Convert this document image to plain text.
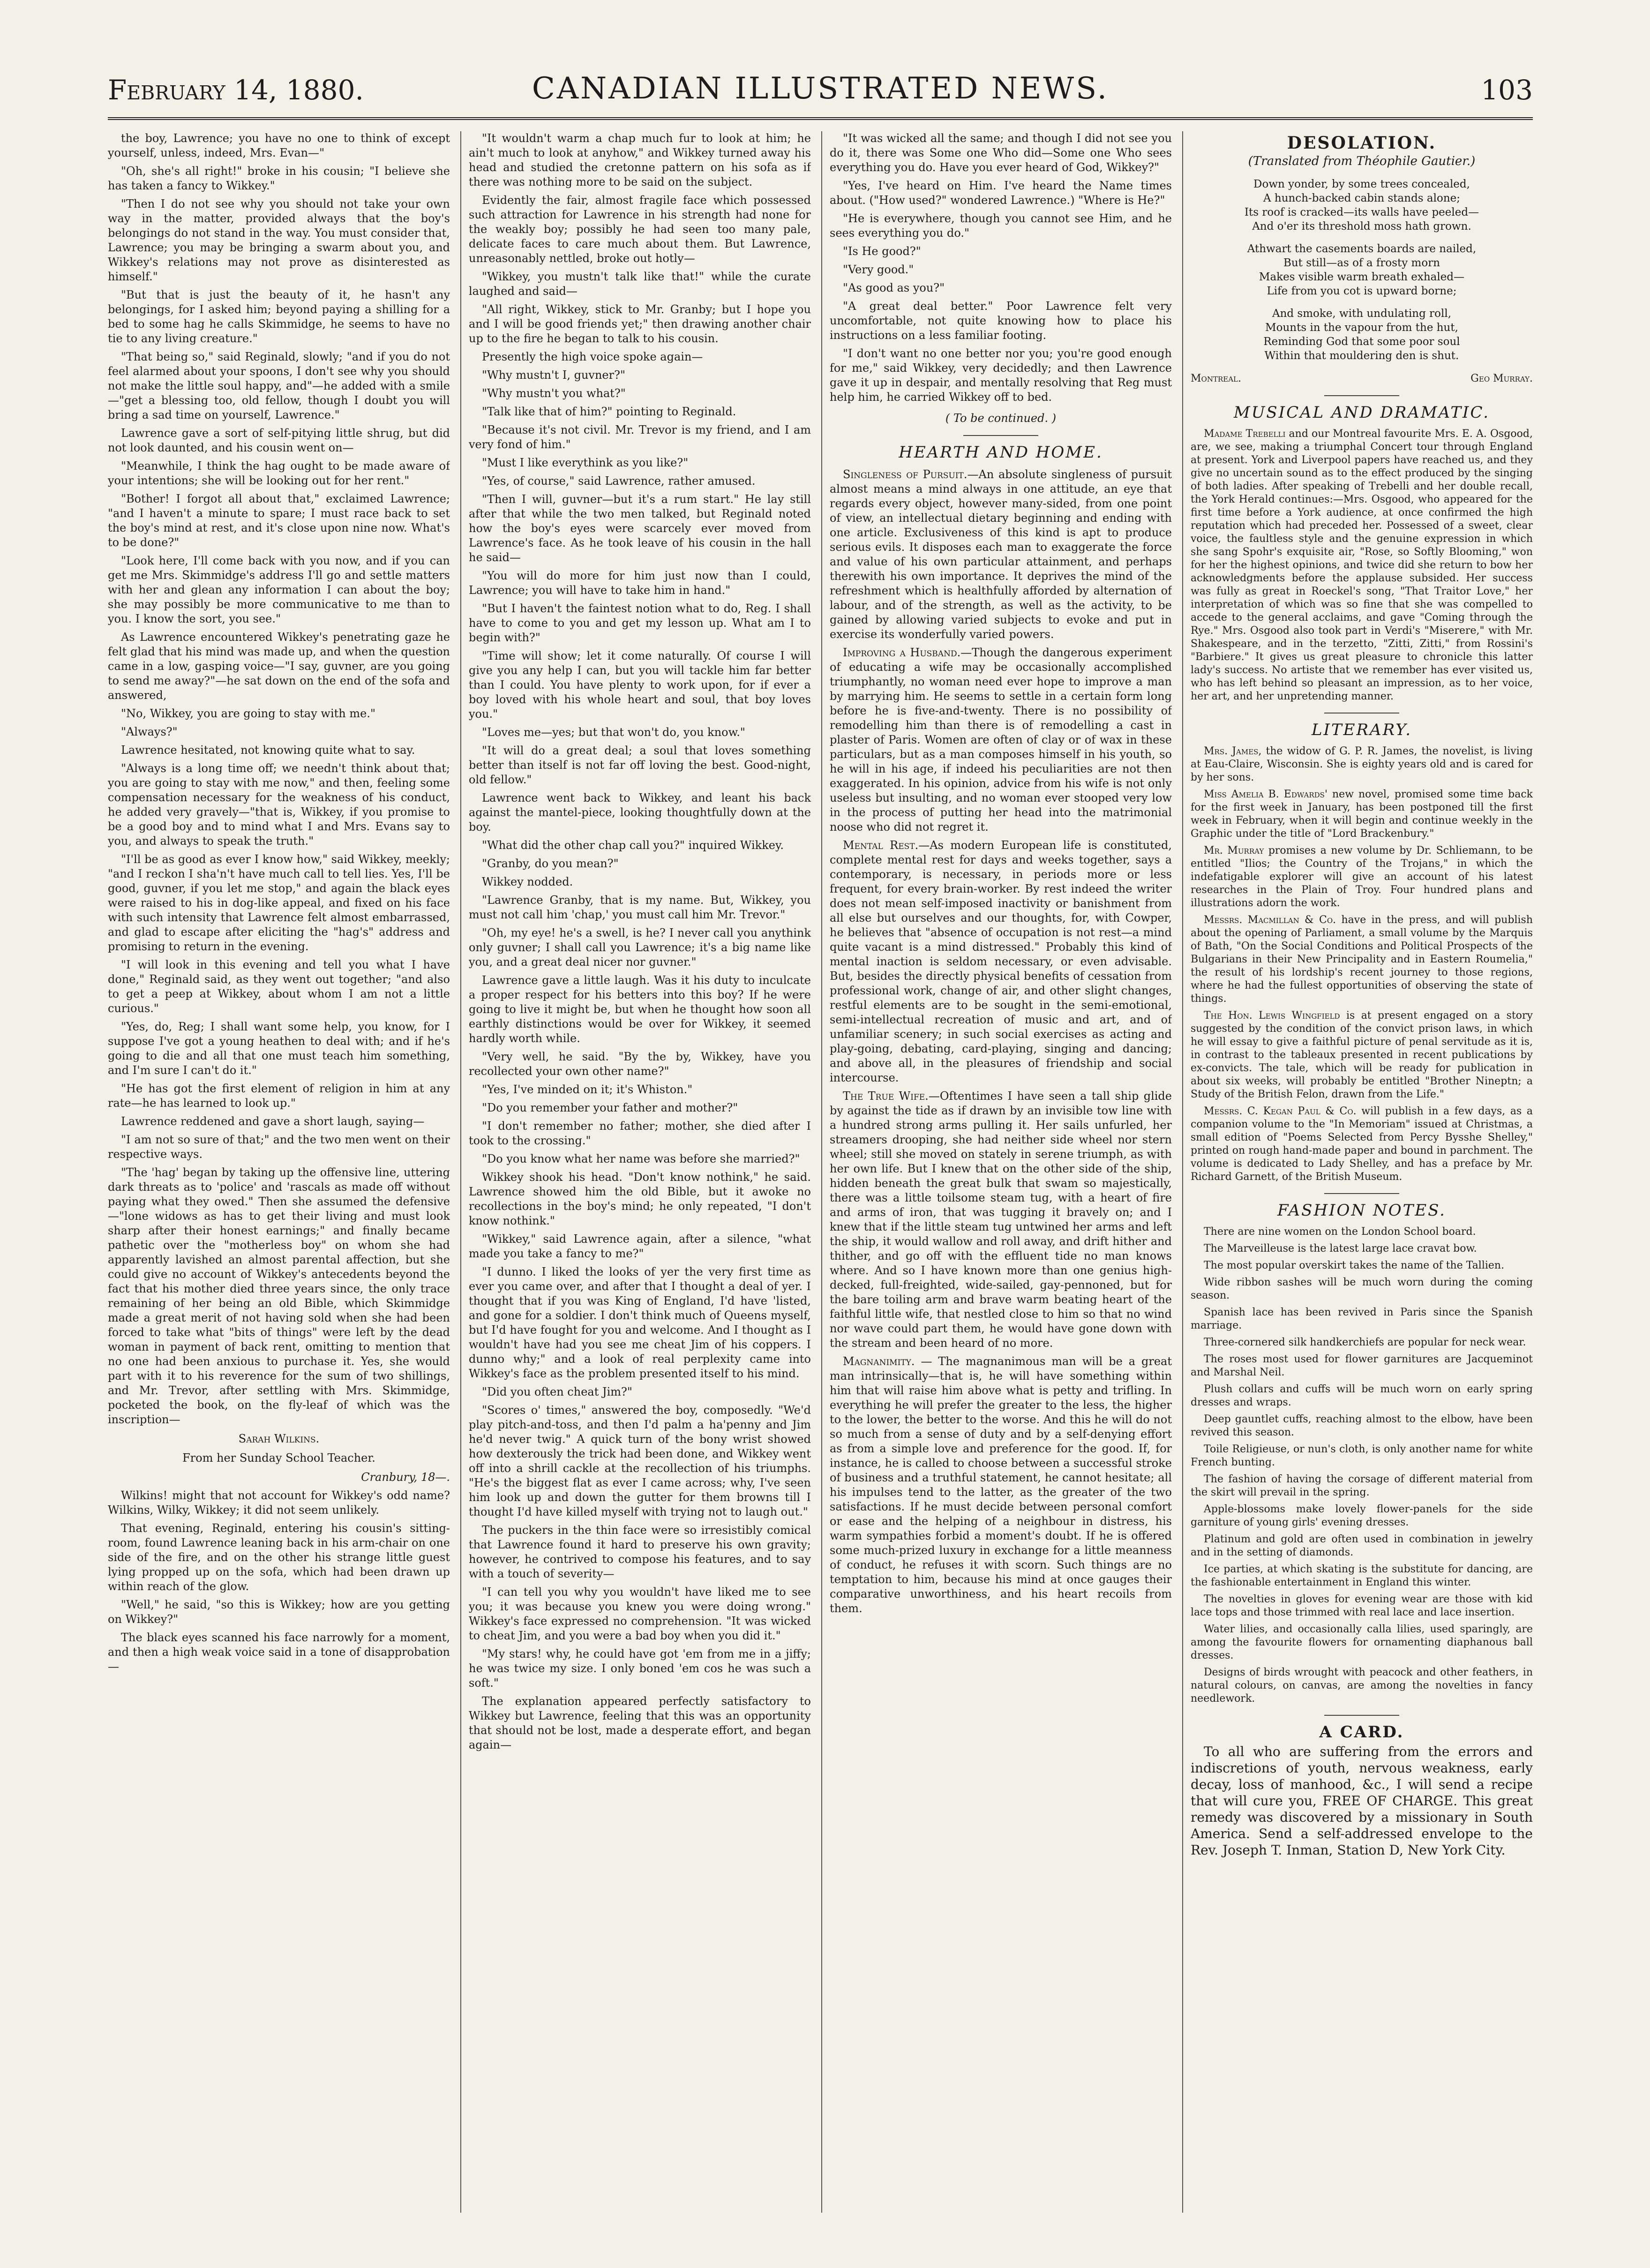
February 14, 1880.	CANADIAN ILLUSTRATED NEWS.	103

the boy, Lawrence; you have no one to think of except yourself, unless, indeed, Mrs. Evan—"

"Oh, she's all right!" broke in his cousin; "I believe she has taken a fancy to Wikkey."

"Then I do not see why you should not take your own way in the matter, provided always that the boy's belongings do not stand in the way. You must consider that, Lawrence; you may be bringing a swarm about you, and Wikkey's relations may not prove as disinterested as himself."

"But that is just the beauty of it, he hasn't any belongings, for I asked him; beyond paying a shilling for a bed to some hag he calls Skimmidge, he seems to have no tie to any living creature."

"That being so," said Reginald, slowly; "and if you do not feel alarmed about your spoons, I don't see why you should not make the little soul happy, and"—he added with a smile—"get a blessing too, old fellow, though I doubt you will bring a sad time on yourself, Lawrence."

Lawrence gave a sort of self-pitying little shrug, but did not look daunted, and his cousin went on—

"Meanwhile, I think the hag ought to be made aware of your intentions; she will be looking out for her rent."

"Bother! I forgot all about that," exclaimed Lawrence; "and I haven't a minute to spare; I must race back to set the boy's mind at rest, and it's close upon nine now. What's to be done?"

"Look here, I'll come back with you now, and if you can get me Mrs. Skimmidge's address I'll go and settle matters with her and glean any information I can about the boy; she may possibly be more communicative to me than to you. I know the sort, you see."

As Lawrence encountered Wikkey's penetrating gaze he felt glad that his mind was made up, and when the question came in a low, gasping voice—"I say, guvner, are you going to send me away?"—he sat down on the end of the sofa and answered,

"No, Wikkey, you are going to stay with me."

"Always?"

Lawrence hesitated, not knowing quite what to say.

"Always is a long time off; we needn't think about that; you are going to stay with me now," and then, feeling some compensation necessary for the weakness of his conduct, he added very gravely—"that is, Wikkey, if you promise to be a good boy and to mind what I and Mrs. Evans say to you, and always to speak the truth."

"I'll be as good as ever I know how," said Wikkey, meekly; "and I reckon I sha'n't have much call to tell lies. Yes, I'll be good, guvner, if you let me stop," and again the black eyes were raised to his in dog-like appeal, and fixed on his face with such intensity that Lawrence felt almost embarrassed, and glad to escape after eliciting the "hag's" address and promising to return in the evening.

"I will look in this evening and tell you what I have done," Reginald said, as they went out together; "and also to get a peep at Wikkey, about whom I am not a little curious."

"Yes, do, Reg; I shall want some help, you know, for I suppose I've got a young heathen to deal with; and if he's going to die and all that one must teach him something, and I'm sure I can't do it."

"He has got the first element of religion in him at any rate—he has learned to look up."

Lawrence reddened and gave a short laugh, saying—

"I am not so sure of that;" and the two men went on their respective ways.

"The 'hag' began by taking up the offensive line, uttering dark threats as to 'police' and 'rascals as made off without paying what they owed." Then she assumed the defensive—"lone widows as has to get their living and must look sharp after their honest earnings;" and finally became pathetic over the "motherless boy" on whom she had apparently lavished an almost parental affection, but she could give no account of Wikkey's antecedents beyond the fact that his mother died three years since, the only trace remaining of her being an old Bible, which Skimmidge made a great merit of not having sold when she had been forced to take what "bits of things" were left by the dead woman in payment of back rent, omitting to mention that no one had been anxious to purchase it. Yes, she would part with it to his reverence for the sum of two shillings, and Mr. Trevor, after settling with Mrs. Skimmidge, pocketed the book, on the fly-leaf of which was the inscription—

Sarah Wilkins.

From her Sunday School Teacher.

Cranbury, 18—.

Wilkins! might that not account for Wikkey's odd name? Wilkins, Wilky, Wikkey; it did not seem unlikely.

That evening, Reginald, entering his cousin's sitting-room, found Lawrence leaning back in his arm-chair on one side of the fire, and on the other his strange little guest lying propped up on the sofa, which had been drawn up within reach of the glow.

"Well," he said, "so this is Wikkey; how are you getting on Wikkey?"

The black eyes scanned his face narrowly for a moment, and then a high weak voice said in a tone of disapprobation—

"It wouldn't warm a chap much fur to look at him; he ain't much to look at anyhow," and Wikkey turned away his head and studied the cretonne pattern on his sofa as if there was nothing more to be said on the subject.

Evidently the fair, almost fragile face which possessed such attraction for Lawrence in his strength had none for the weakly boy; possibly he had seen too many pale, delicate faces to care much about them. But Lawrence, unreasonably nettled, broke out hotly—

"Wikkey, you mustn't talk like that!" while the curate laughed and said—

"All right, Wikkey, stick to Mr. Granby; but I hope you and I will be good friends yet;" then drawing another chair up to the fire he began to talk to his cousin.

Presently the high voice spoke again—

"Why mustn't I, guvner?"

"Why mustn't you what?"

"Talk like that of him?" pointing to Reginald.

"Because it's not civil. Mr. Trevor is my friend, and I am very fond of him."

"Must I like everythink as you like?"

"Yes, of course," said Lawrence, rather amused.

"Then I will, guvner—but it's a rum start." He lay still after that while the two men talked, but Reginald noted how the boy's eyes were scarcely ever moved from Lawrence's face. As he took leave of his cousin in the hall he said—

"You will do more for him just now than I could, Lawrence; you will have to take him in hand."

"But I haven't the faintest notion what to do, Reg. I shall have to come to you and get my lesson up. What am I to begin with?"

"Time will show; let it come naturally. Of course I will give you any help I can, but you will tackle him far better than I could. You have plenty to work upon, for if ever a boy loved with his whole heart and soul, that boy loves you."

"Loves me—yes; but that won't do, you know."

"It will do a great deal; a soul that loves something better than itself is not far off loving the best. Good-night, old fellow."

Lawrence went back to Wikkey, and leant his back against the mantel-piece, looking thoughtfully down at the boy.

"What did the other chap call you?" inquired Wikkey.

"Granby, do you mean?"

Wikkey nodded.

"Lawrence Granby, that is my name. But, Wikkey, you must not call him 'chap,' you must call him Mr. Trevor."

"Oh, my eye! he's a swell, is he? I never call you anythink only guvner; I shall call you Lawrence; it's a big name like you, and a great deal nicer nor guvner."

Lawrence gave a little laugh. Was it his duty to inculcate a proper respect for his betters into this boy? If he were going to live it might be, but when he thought how soon all earthly distinctions would be over for Wikkey, it seemed hardly worth while.

"Very well, he said. "By the by, Wikkey, have you recollected your own other name?"

"Yes, I've minded on it; it's Whiston."

"Do you remember your father and mother?"

"I don't remember no father; mother, she died after I took to the crossing."

"Do you know what her name was before she married?"

Wikkey shook his head. "Don't know nothink," he said. Lawrence showed him the old Bible, but it awoke no recollections in the boy's mind; he only repeated, "I don't know nothink."

"Wikkey," said Lawrence again, after a silence, "what made you take a fancy to me?"

"I dunno. I liked the looks of yer the very first time as ever you came over, and after that I thought a deal of yer. I thought that if you was King of England, I'd have 'listed, and gone for a soldier. I don't think much of Queens myself, but I'd have fought for you and welcome. And I thought as I wouldn't have had you see me cheat Jim of his coppers. I dunno why;" and a look of real perplexity came into Wikkey's face as the problem presented itself to his mind.

"Did you often cheat Jim?"

"Scores o' times," answered the boy, composedly. "We'd play pitch-and-toss, and then I'd palm a ha'penny and Jim he'd never twig." A quick turn of the bony wrist showed how dexterously the trick had been done, and Wikkey went off into a shrill cackle at the recollection of his triumphs. "He's the biggest flat as ever I came across; why, I've seen him look up and down the gutter for them browns till I thought I'd have killed myself with trying not to laugh out."

The puckers in the thin face were so irresistibly comical that Lawrence found it hard to preserve his own gravity; however, he contrived to compose his features, and to say with a touch of severity—

"I can tell you why you wouldn't have liked me to see you; it was because you knew you were doing wrong." Wikkey's face expressed no comprehension. "It was wicked to cheat Jim, and you were a bad boy when you did it."

"My stars! why, he could have got 'em from me in a jiffy; he was twice my size. I only boned 'em cos he was such a soft."

The explanation appeared perfectly satisfactory to Wikkey but Lawrence, feeling that this was an opportunity that should not be lost, made a desperate effort, and began again—

"It was wicked all the same; and though I did not see you do it, there was Some one Who did—Some one Who sees everything you do. Have you ever heard of God, Wikkey?"

"Yes, I've heard on Him. I've heard the Name times about. ("How used?" wondered Lawrence.) "Where is He?"

"He is everywhere, though you cannot see Him, and he sees everything you do."

"Is He good?"

"Very good."

"As good as you?"

"A great deal better." Poor Lawrence felt very uncomfortable, not quite knowing how to place his instructions on a less familiar footing.

"I don't want no one better nor you; you're good enough for me," said Wikkey, very decidedly; and then Lawrence gave it up in despair, and mentally resolving that Reg must help him, he carried Wikkey off to bed.

( To be continued. )

HEARTH AND HOME.

Singleness of Pursuit.—An absolute singleness of pursuit almost means a mind always in one attitude, an eye that regards every object, however many-sided, from one point of view, an intellectual dietary beginning and ending with one article. Exclusiveness of this kind is apt to produce serious evils. It disposes each man to exaggerate the force and value of his own particular attainment, and perhaps therewith his own importance. It deprives the mind of the refreshment which is healthfully afforded by alternation of labour, and of the strength, as well as the activity, to be gained by allowing varied subjects to evoke and put in exercise its wonderfully varied powers.

Improving a Husband.—Though the dangerous experiment of educating a wife may be occasionally accomplished triumphantly, no woman need ever hope to improve a man by marrying him. He seems to settle in a certain form long before he is five-and-twenty. There is no possibility of remodelling him than there is of remodelling a cast in plaster of Paris. Women are often of clay or of wax in these particulars, but as a man composes himself in his youth, so he will in his age, if indeed his peculiarities are not then exaggerated. In his opinion, advice from his wife is not only useless but insulting, and no woman ever stooped very low in the process of putting her head into the matrimonial noose who did not regret it.

Mental Rest.—As modern European life is constituted, complete mental rest for days and weeks together, says a contemporary, is necessary, in periods more or less frequent, for every brain-worker. By rest indeed the writer does not mean self-imposed inactivity or banishment from all else but ourselves and our thoughts, for, with Cowper, he believes that "absence of occupation is not rest—a mind quite vacant is a mind distressed." Probably this kind of mental inaction is seldom necessary, or even advisable. But, besides the directly physical benefits of cessation from professional work, change of air, and other slight changes, restful elements are to be sought in the semi-emotional, semi-intellectual recreation of music and art, and of unfamiliar scenery; in such social exercises as acting and play-going, debating, card-playing, singing and dancing; and above all, in the pleasures of friendship and social intercourse.

The True Wife.—Oftentimes I have seen a tall ship glide by against the tide as if drawn by an invisible tow line with a hundred strong arms pulling it. Her sails unfurled, her streamers drooping, she had neither side wheel nor stern wheel; still she moved on stately in serene triumph, as with her own life. But I knew that on the other side of the ship, hidden beneath the great bulk that swam so majestically, there was a little toilsome steam tug, with a heart of fire and arms of iron, that was tugging it bravely on; and I knew that if the little steam tug untwined her arms and left the ship, it would wallow and roll away, and drift hither and thither, and go off with the effluent tide no man knows where. And so I have known more than one genius high-decked, full-freighted, wide-sailed, gay-pennoned, but for the bare toiling arm and brave warm beating heart of the faithful little wife, that nestled close to him so that no wind nor wave could part them, he would have gone down with the stream and been heard of no more.

Magnanimity. — The magnanimous man will be a great man intrinsically—that is, he will have something within him that will raise him above what is petty and trifling. In everything he will prefer the greater to the less, the higher to the lower, the better to the worse. And this he will do not so much from a sense of duty and by a self-denying effort as from a simple love and preference for the good. If, for instance, he is called to choose between a successful stroke of business and a truthful statement, he cannot hesitate; all his impulses tend to the latter, as the greater of the two satisfactions. If he must decide between personal comfort or ease and the helping of a neighbour in distress, his warm sympathies forbid a moment's doubt. If he is offered some much-prized luxury in exchange for a little meanness of conduct, he refuses it with scorn. Such things are no temptation to him, because his mind at once gauges their comparative unworthiness, and his heart recoils from them.

DESOLATION.
(Translated from Théophile Gautier.)
Down yonder, by some trees concealed,
A hunch-backed cabin stands alone;
Its roof is cracked—its walls have peeled—
And o'er its threshold moss hath grown.
Athwart the casements boards are nailed,
But still—as of a frosty morn
Makes visible warm breath exhaled—
Life from you cot is upward borne;
And smoke, with undulating roll,
Mounts in the vapour from the hut,
Reminding God that some poor soul
Within that mouldering den is shut.
Montreal.	Geo Murray.
MUSICAL AND DRAMATIC.

Madame Trebelli and our Montreal favourite Mrs. E. A. Osgood, are, we see, making a triumphal Concert tour through England at present. York and Liverpool papers have reached us, and they give no uncertain sound as to the effect produced by the singing of both ladies. After speaking of Trebelli and her double recall, the York Herald continues:—Mrs. Osgood, who appeared for the first time before a York audience, at once confirmed the high reputation which had preceded her. Possessed of a sweet, clear voice, the faultless style and the genuine expression in which she sang Spohr's exquisite air, "Rose, so Softly Blooming," won for her the highest opinions, and twice did she return to bow her acknowledgments before the applause subsided. Her success was fully as great in Roeckel's song, "That Traitor Love," her interpretation of which was so fine that she was compelled to accede to the general acclaims, and gave "Coming through the Rye." Mrs. Osgood also took part in Verdi's "Miserere," with Mr. Shakespeare, and in the terzetto, "Zitti, Zitti," from Rossini's "Barbiere." It gives us great pleasure to chronicle this latter lady's success. No artiste that we remember has ever visited us, who has left behind so pleasant an impression, as to her voice, her art, and her unpretending manner.

LITERARY.

Mrs. James, the widow of G. P. R. James, the novelist, is living at Eau-Claire, Wisconsin. She is eighty years old and is cared for by her sons.

Miss Amelia B. Edwards' new novel, promised some time back for the first week in January, has been postponed till the first week in February, when it will begin and continue weekly in the Graphic under the title of "Lord Brackenbury."

Mr. Murray promises a new volume by Dr. Schliemann, to be entitled "Ilios; the Country of the Trojans," in which the indefatigable explorer will give an account of his latest researches in the Plain of Troy. Four hundred plans and illustrations adorn the work.

Messrs. Macmillan & Co. have in the press, and will publish about the opening of Parliament, a small volume by the Marquis of Bath, "On the Social Conditions and Political Prospects of the Bulgarians in their New Principality and in Eastern Roumelia," the result of his lordship's recent journey to those regions, where he had the fullest opportunities of observing the state of things.

The Hon. Lewis Wingfield is at present engaged on a story suggested by the condition of the convict prison laws, in which he will essay to give a faithful picture of penal servitude as it is, in contrast to the tableaux presented in recent publications by ex-convicts. The tale, which will be ready for publication in about six weeks, will probably be entitled "Brother Nineptn; a Study of the British Felon, drawn from the Life."

Messrs. C. Kegan Paul & Co. will publish in a few days, as a companion volume to the "In Memoriam" issued at Christmas, a small edition of "Poems Selected from Percy Bysshe Shelley," printed on rough hand-made paper and bound in parchment. The volume is dedicated to Lady Shelley, and has a preface by Mr. Richard Garnett, of the British Museum.

FASHION NOTES.

There are nine women on the London School board.

The Marveilleuse is the latest large lace cravat bow.

The most popular overskirt takes the name of the Tallien.

Wide ribbon sashes will be much worn during the coming season.

Spanish lace has been revived in Paris since the Spanish marriage.

Three-cornered silk handkerchiefs are popular for neck wear.

The roses most used for flower garnitures are Jacqueminot and Marshal Neil.

Plush collars and cuffs will be much worn on early spring dresses and wraps.

Deep gauntlet cuffs, reaching almost to the elbow, have been revived this season.

Toile Religieuse, or nun's cloth, is only another name for white French bunting.

The fashion of having the corsage of different material from the skirt will prevail in the spring.

Apple-blossoms make lovely flower-panels for the side garniture of young girls' evening dresses.

Platinum and gold are often used in combination in jewelry and in the setting of diamonds.

Ice parties, at which skating is the substitute for dancing, are the fashionable entertainment in England this winter.

The novelties in gloves for evening wear are those with kid lace tops and those trimmed with real lace and lace insertion.

Water lilies, and occasionally calla lilies, used sparingly, are among the favourite flowers for ornamenting diaphanous ball dresses.

Designs of birds wrought with peacock and other feathers, in natural colours, on canvas, are among the novelties in fancy needlework.

A CARD.

To all who are suffering from the errors and indiscretions of youth, nervous weakness, early decay, loss of manhood, &c., I will send a recipe that will cure you, FREE OF CHARGE. This great remedy was discovered by a missionary in South America. Send a self-addressed envelope to the Rev. Joseph T. Inman, Station D, New York City.
